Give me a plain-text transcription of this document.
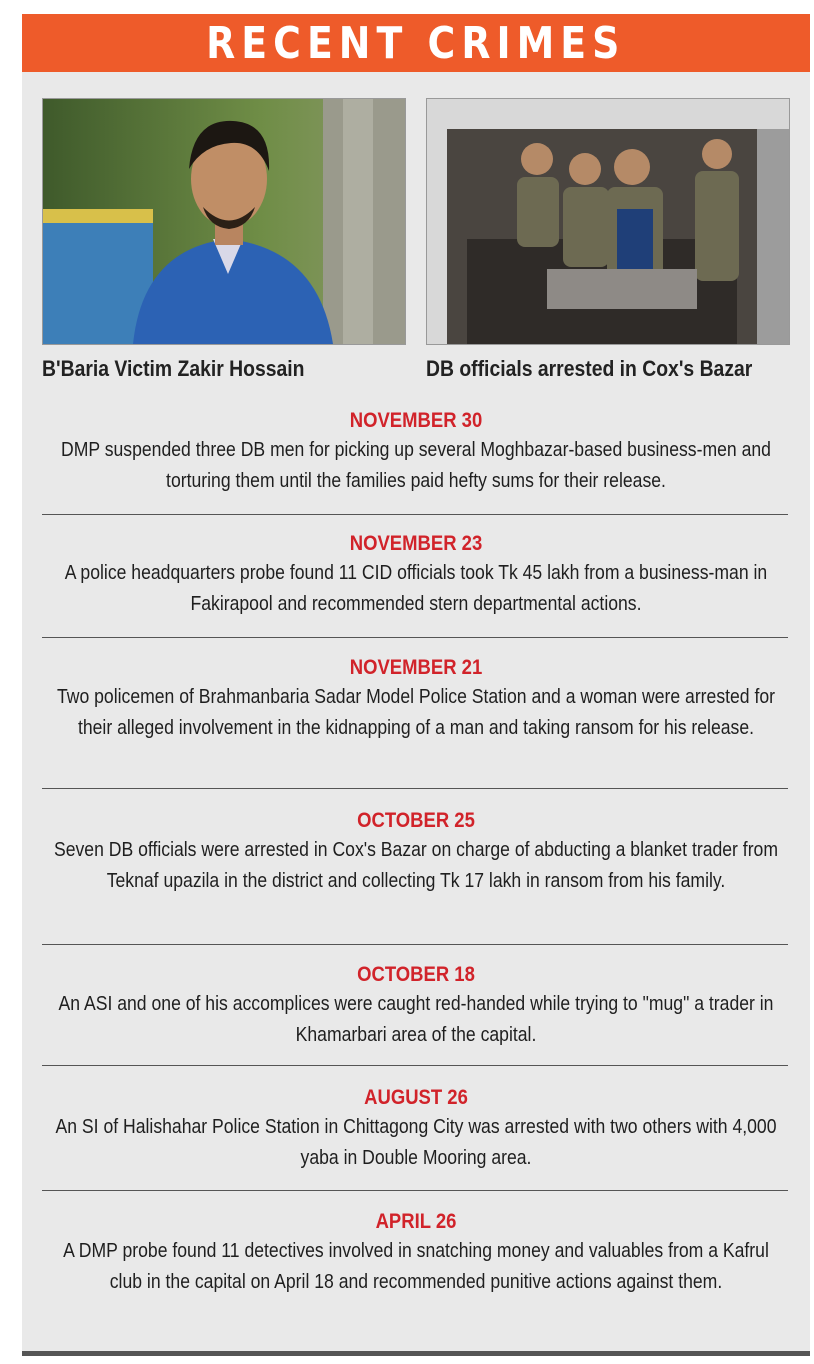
RECENT CRIMES
B'Baria Victim Zakir Hossain	DB officials arrested in Cox's Bazar
NOVEMBER 30
DMP suspended three DB men for picking up several Moghbazar-based business-men and torturing them until the families paid hefty sums for their release.
NOVEMBER 23
A police headquarters probe found 11 CID officials took Tk 45 lakh from a business-man in Fakirapool and recommended stern departmental actions.
NOVEMBER 21
Two policemen of Brahmanbaria Sadar Model Police Station and a woman were arrested for their alleged involvement in the kidnapping of a man and taking ransom for his release.
OCTOBER 25
Seven DB officials were arrested in Cox's Bazar on charge of abducting a blanket trader from Teknaf upazila in the district and collecting Tk 17 lakh in ransom from his family.
OCTOBER 18
An ASI and one of his accomplices were caught red-handed while trying to "mug" a trader in Khamarbari area of the capital.
AUGUST 26
An SI of Halishahar Police Station in Chittagong City was arrested with two others with 4,000 yaba in Double Mooring area.
APRIL 26
A DMP probe found 11 detectives involved in snatching money and valuables from a Kafrul club in the capital on April 18 and recommended punitive actions against them.
